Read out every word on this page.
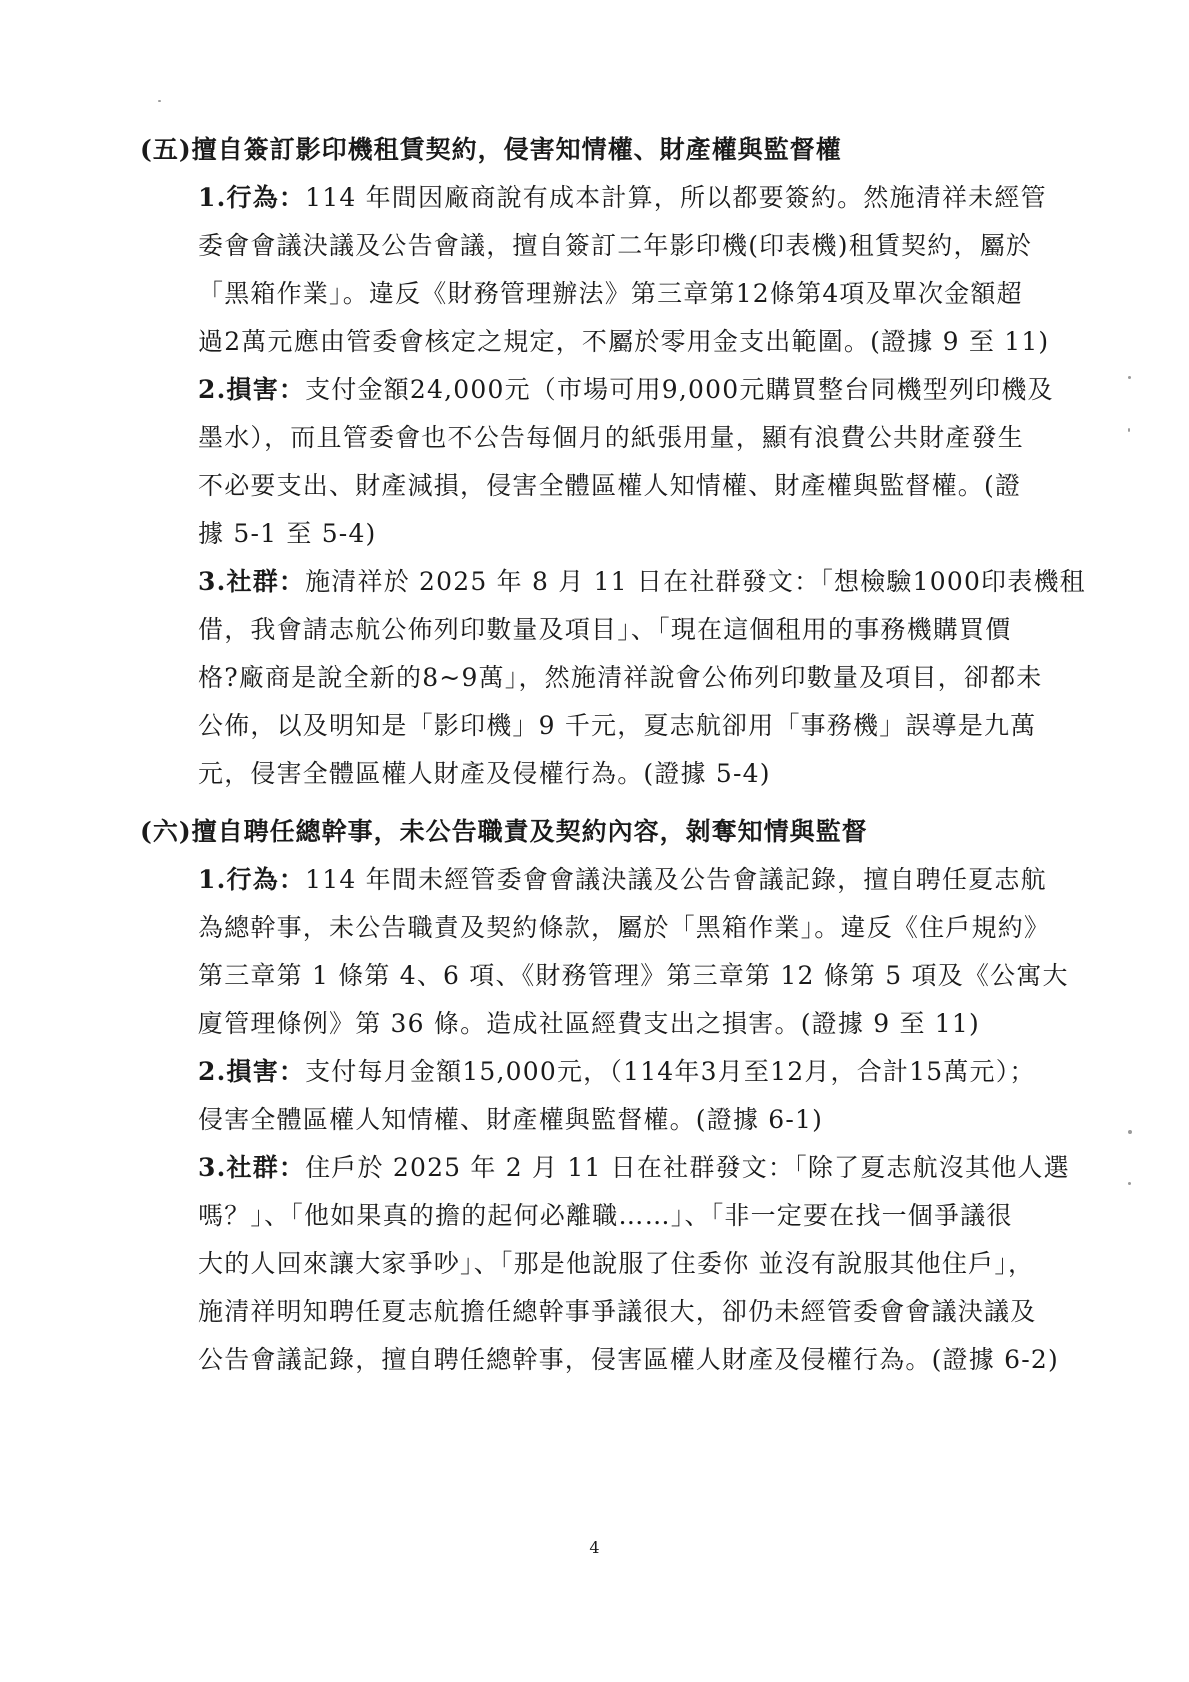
(五)擅自簽訂影印機租賃契約，侵害知情權、財產權與監督權
1.行為：114 年間因廠商說有成本計算，所以都要簽約。然施清祥未經管
委會會議決議及公告會議，擅自簽訂二年影印機(印表機)租賃契約，屬於
「黑箱作業」。違反《財務管理辦法》第三章第12條第4項及單次金額超
過2萬元應由管委會核定之規定，不屬於零用金支出範圍。(證據 9 至 11)
2.損害：支付金額24,000元（市場可用9,000元購買整台同機型列印機及
墨水），而且管委會也不公告每個月的紙張用量，顯有浪費公共財產發生
不必要支出、財產減損，侵害全體區權人知情權、財產權與監督權。(證
據 5-1 至 5-4)
3.社群：施清祥於 2025 年 8 月 11 日在社群發文：「想檢驗1000印表機租
借，我會請志航公佈列印數量及項目」、「現在這個租用的事務機購買價
格?廠商是說全新的8~9萬」，然施清祥說會公佈列印數量及項目，卻都未
公佈，以及明知是「影印機」9 千元，夏志航卻用「事務機」誤導是九萬
元，侵害全體區權人財產及侵權行為。(證據 5-4)
(六)擅自聘任總幹事，未公告職責及契約內容，剝奪知情與監督
1.行為：114 年間未經管委會會議決議及公告會議記錄，擅自聘任夏志航
為總幹事，未公告職責及契約條款，屬於「黑箱作業」。違反《住戶規約》
第三章第 1 條第 4、6 項、《財務管理》第三章第 12 條第 5 項及《公寓大
廈管理條例》第 36 條。造成社區經費支出之損害。(證據 9 至 11)
2.損害：支付每月金額15,000元，（114年3月至12月，合計15萬元）；
侵害全體區權人知情權、財產權與監督權。(證據 6-1)
3.社群：住戶於 2025 年 2 月 11 日在社群發文：「除了夏志航沒其他人選
嗎？」、「他如果真的擔的起何必離職……」、「非一定要在找一個爭議很
大的人回來讓大家爭吵」、「那是他說服了住委你 並沒有說服其他住戶」，
施清祥明知聘任夏志航擔任總幹事爭議很大，卻仍未經管委會會議決議及
公告會議記錄，擅自聘任總幹事，侵害區權人財產及侵權行為。(證據 6-2)
4
